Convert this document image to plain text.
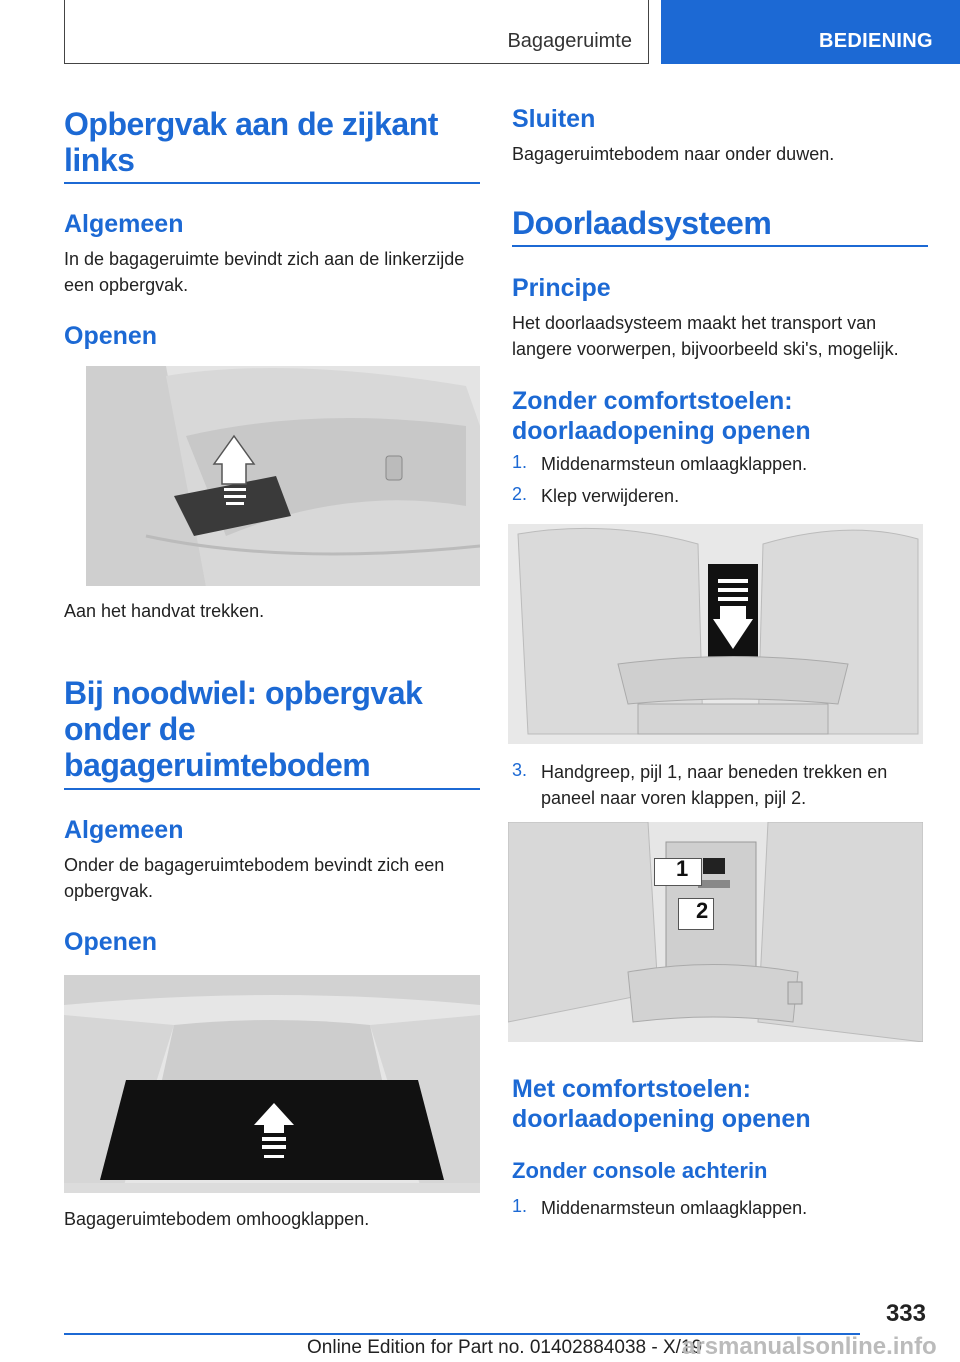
Bagageruimte	BEDIENING
Opbergvak aan de zijkant links
Algemeen
In de bagageruimte bevindt zich aan de linkerzijde een opbergvak.
Openen
Aan het handvat trekken.
Bij noodwiel: opbergvak onder de bagageruimtebodem
Algemeen
Onder de bagageruimtebodem bevindt zich een opbergvak.
Openen
Bagageruimtebodem omhoogklappen.
Sluiten
Bagageruimtebodem naar onder duwen.
Doorlaadsysteem
Principe
Het doorlaadsysteem maakt het transport van langere voorwerpen, bijvoorbeeld ski's, mogelijk.
Zonder comfortstoelen: doorlaadopening openen
1. Middenarmsteun omlaagklappen.
2. Klep verwijderen.
3. Handgreep, pijl 1, naar beneden trekken en paneel naar voren klappen, pijl 2.
1
2
Met comfortstoelen: doorlaadopening openen
Zonder console achterin
1. Middenarmsteun omlaagklappen.
333
Online Edition for Part no. 01402884038 - X/19
arsmanualsonline.info
